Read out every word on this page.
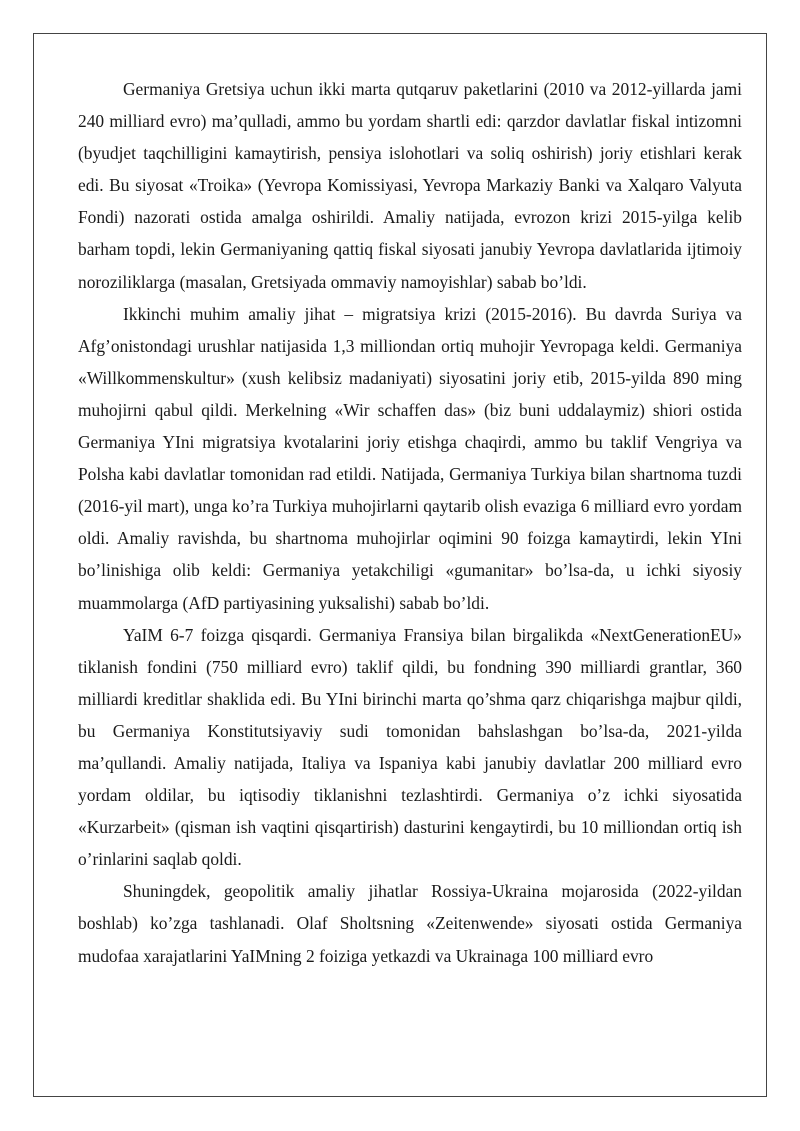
Germaniya Gretsiya uchun ikki marta qutqaruv paketlarini (2010 va 2012-yillarda jami 240 milliard evro) ma’qulladi, ammo bu yordam shartli edi: qarzdor davlatlar fiskal intizomni (byudjet taqchilligini kamaytirish, pensiya islohotlari va soliq oshirish) joriy etishlari kerak edi. Bu siyosat «Troika» (Yevropa Komissiyasi, Yevropa Markaziy Banki va Xalqaro Valyuta Fondi) nazorati ostida amalga oshirildi. Amaliy natijada, evrozon krizi 2015-yilga kelib barham topdi, lekin Germaniyaning qattiq fiskal siyosati janubiy Yevropa davlatlarida ijtimoiy noroziliklarga (masalan, Gretsiyada ommaviy namoyishlar) sabab bo’ldi.

Ikkinchi muhim amaliy jihat – migratsiya krizi (2015-2016). Bu davrda Suriya va Afg’onistondagi urushlar natijasida 1,3 milliondan ortiq muhojir Yevropaga keldi. Germaniya «Willkommenskultur» (xush kelibsiz madaniyati) siyosatini joriy etib, 2015-yilda 890 ming muhojirni qabul qildi. Merkelning «Wir schaffen das» (biz buni uddalaymiz) shiori ostida Germaniya YIni migratsiya kvotalarini joriy etishga chaqirdi, ammo bu taklif Vengriya va Polsha kabi davlatlar tomonidan rad etildi. Natijada, Germaniya Turkiya bilan shartnoma tuzdi (2016-yil mart), unga ko’ra Turkiya muhojirlarni qaytarib olish evaziga 6 milliard evro yordam oldi. Amaliy ravishda, bu shartnoma muhojirlar oqimini 90 foizga kamaytirdi, lekin YIni bo’linishiga olib keldi: Germaniya yetakchiligi «gumanitar» bo’lsa-da, u ichki siyosiy muammolarga (AfD partiyasining yuksalishi) sabab bo’ldi.

YaIM 6-7 foizga qisqardi. Germaniya Fransiya bilan birgalikda «NextGenerationEU» tiklanish fondini (750 milliard evro) taklif qildi, bu fondning 390 milliardi grantlar, 360 milliardi kreditlar shaklida edi. Bu YIni birinchi marta qo’shma qarz chiqarishga majbur qildi, bu Germaniya Konstitutsiyaviy sudi tomonidan bahslashgan bo’lsa-da, 2021-yilda ma’qullandi. Amaliy natijada, Italiya va Ispaniya kabi janubiy davlatlar 200 milliard evro yordam oldilar, bu iqtisodiy tiklanishni tezlashtirdi. Germaniya o’z ichki siyosatida «Kurzarbeit» (qisman ish vaqtini qisqartirish) dasturini kengaytirdi, bu 10 milliondan ortiq ish o’rinlarini saqlab qoldi.

Shuningdek, geopolitik amaliy jihatlar Rossiya-Ukraina mojarosida (2022-yildan boshlab) ko’zga tashlanadi. Olaf Sholtsning «Zeitenwende» siyosati ostida Germaniya mudofaa xarajatlarini YaIMning 2 foiziga yetkazdi va Ukrainaga 100 milliard evro
